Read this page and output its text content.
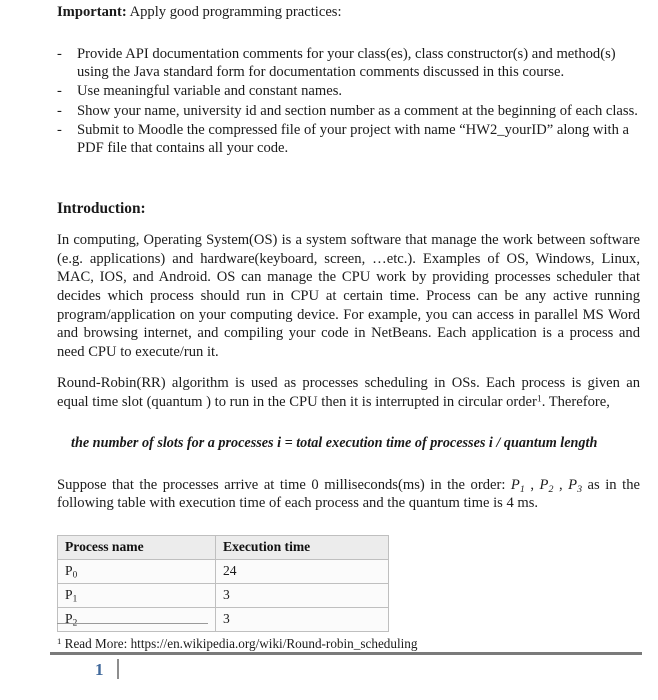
Important: Apply good programming practices:

-	Provide API documentation comments for your class(es), class constructor(s) and method(s) using the Java standard form for documentation comments discussed in this course.
-	Use meaningful variable and constant names.
-	Show your name, university id and section number as a comment at the beginning of each class.
-	Submit to Moodle the compressed file of your project with name “HW2_yourID” along with a PDF file that contains all your code.

Introduction:

In computing, Operating System(OS) is a system software that manage the work between software (e.g. applications) and hardware(keyboard, screen, …etc.). Examples of OS, Windows, Linux, MAC, IOS, and Android. OS can manage the CPU work by providing processes scheduler that decides which process should run in CPU at certain time. Process can be any active running program/application on your computing device. For example, you can access in parallel MS Word and browsing internet, and compiling your code in NetBeans. Each application is a process and need CPU to execute/run it.

Round-Robin(RR) algorithm is used as processes scheduling in OSs. Each process is given an equal time slot (quantum ) to run in the CPU then it is interrupted in circular order$^1$. Therefore,

the number of slots for a processes i = total execution time of processes i / quantum length

Suppose that the processes arrive at time 0 milliseconds(ms) in the order: $P_1$ , $P_2$ , $P_3$ as in the following table with execution time of each process and the quantum time is 4 ms.

Process name	Execution time
$P_0$	24
$P_1$	3
$P_2$	3
$^1$ Read More: https://en.wikipedia.org/wiki/Round-robin_scheduling
1
